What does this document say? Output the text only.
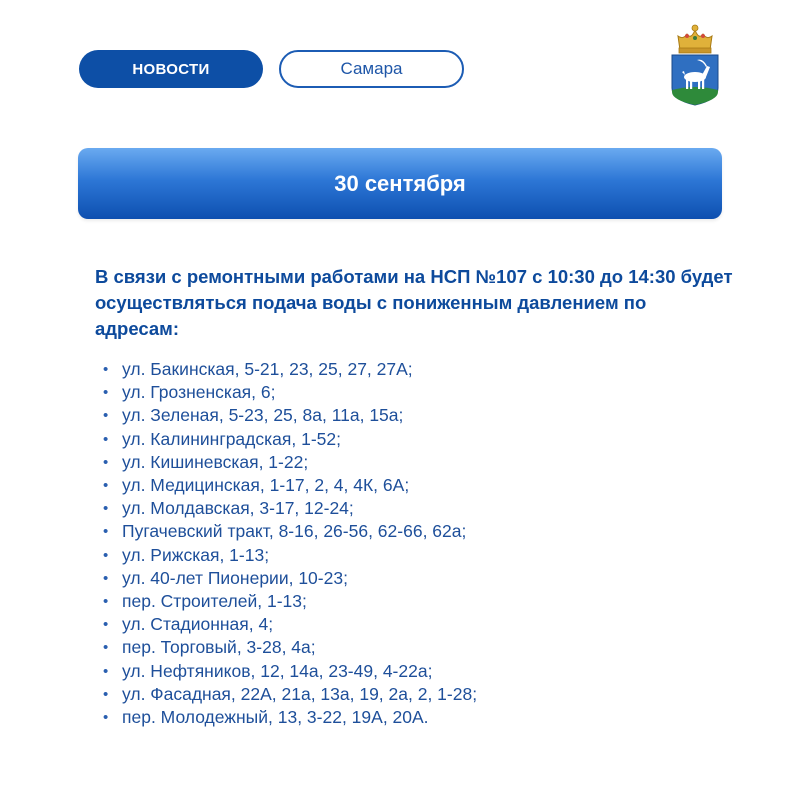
НОВОСТИ	Самара
30 сентября

В связи с ремонтными работами на НСП №107 с 10:30 до 14:30 будет осуществляться подача воды с пониженным давлением по адресам:

• ул. Бакинская, 5-21, 23, 25, 27, 27А;
• ул. Грозненская, 6;
• ул. Зеленая, 5-23, 25, 8а, 11а, 15а;
• ул. Калининградская, 1-52;
• ул. Кишиневская, 1-22;
• ул. Медицинская, 1-17, 2, 4, 4К, 6А;
• ул. Молдавская, 3-17, 12-24;
• Пугачевский тракт, 8-16, 26-56, 62-66, 62а;
• ул. Рижская, 1-13;
• ул. 40-лет Пионерии, 10-23;
• пер. Строителей, 1-13;
• ул. Стадионная, 4;
• пер. Торговый, 3-28, 4а;
• ул. Нефтяников, 12, 14а, 23-49, 4-22а;
• ул. Фасадная, 22А, 21а, 13а, 19, 2а, 2, 1-28;
• пер. Молодежный, 13, 3-22, 19А, 20А.
